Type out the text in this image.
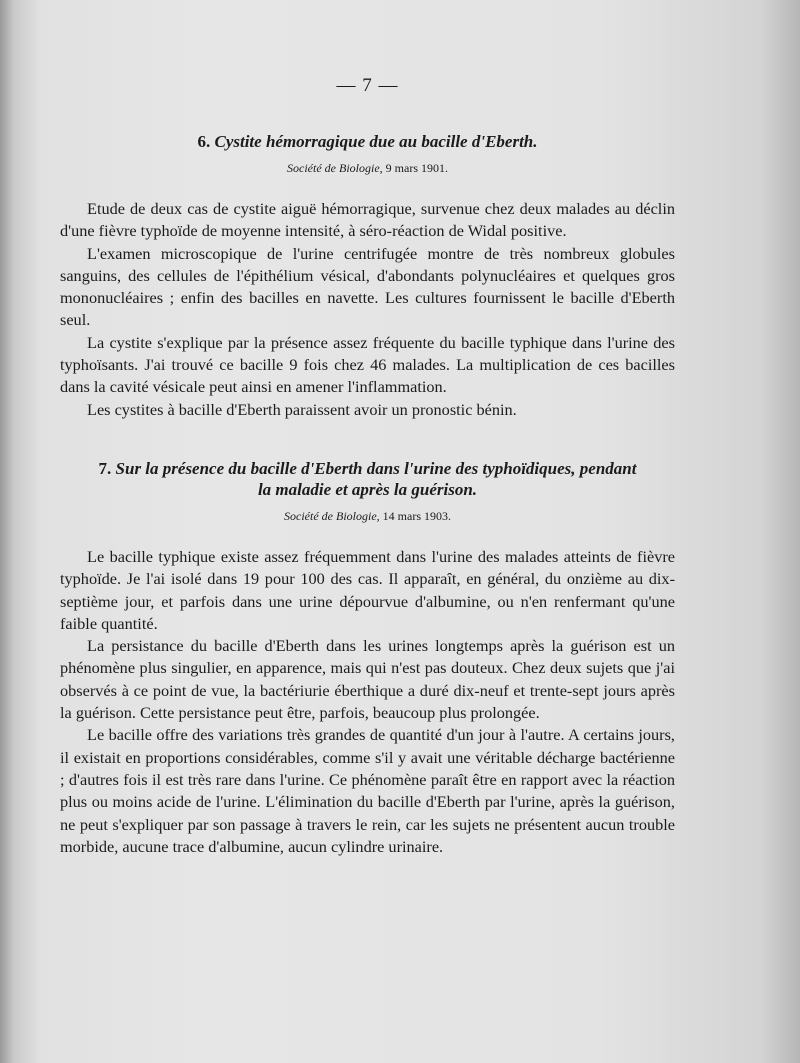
— 7 —
6. Cystite hémorragique due au bacille d'Eberth.
Société de Biologie, 9 mars 1901.

Etude de deux cas de cystite aiguë hémorragique, survenue chez deux malades au déclin d'une fièvre typhoïde de moyenne intensité, à séro-réaction de Widal positive.

L'examen microscopique de l'urine centrifugée montre de très nombreux globules sanguins, des cellules de l'épithélium vésical, d'abondants polynucléaires et quelques gros mononucléaires ; enfin des bacilles en navette. Les cultures fournissent le bacille d'Eberth seul.

La cystite s'explique par la présence assez fréquente du bacille typhique dans l'urine des typhoïsants. J'ai trouvé ce bacille 9 fois chez 46 malades. La multiplication de ces bacilles dans la cavité vésicale peut ainsi en amener l'inflammation.

Les cystites à bacille d'Eberth paraissent avoir un pronostic bénin.

7. Sur la présence du bacille d'Eberth dans l'urine des typhoïdiques, pendant
la maladie et après la guérison.
Société de Biologie, 14 mars 1903.

Le bacille typhique existe assez fréquemment dans l'urine des malades atteints de fièvre typhoïde. Je l'ai isolé dans 19 pour 100 des cas. Il apparaît, en général, du onzième au dix-septième jour, et parfois dans une urine dépourvue d'albumine, ou n'en renfermant qu'une faible quantité.

La persistance du bacille d'Eberth dans les urines longtemps après la guérison est un phénomène plus singulier, en apparence, mais qui n'est pas douteux. Chez deux sujets que j'ai observés à ce point de vue, la bactériurie éberthique a duré dix-neuf et trente-sept jours après la guérison. Cette persistance peut être, parfois, beaucoup plus prolongée.

Le bacille offre des variations très grandes de quantité d'un jour à l'autre. A certains jours, il existait en proportions considérables, comme s'il y avait une véritable décharge bactérienne ; d'autres fois il est très rare dans l'urine. Ce phénomène paraît être en rapport avec la réaction plus ou moins acide de l'urine. L'élimination du bacille d'Eberth par l'urine, après la guérison, ne peut s'expliquer par son passage à travers le rein, car les sujets ne présentent aucun trouble morbide, aucune trace d'albumine, aucun cylindre urinaire.
